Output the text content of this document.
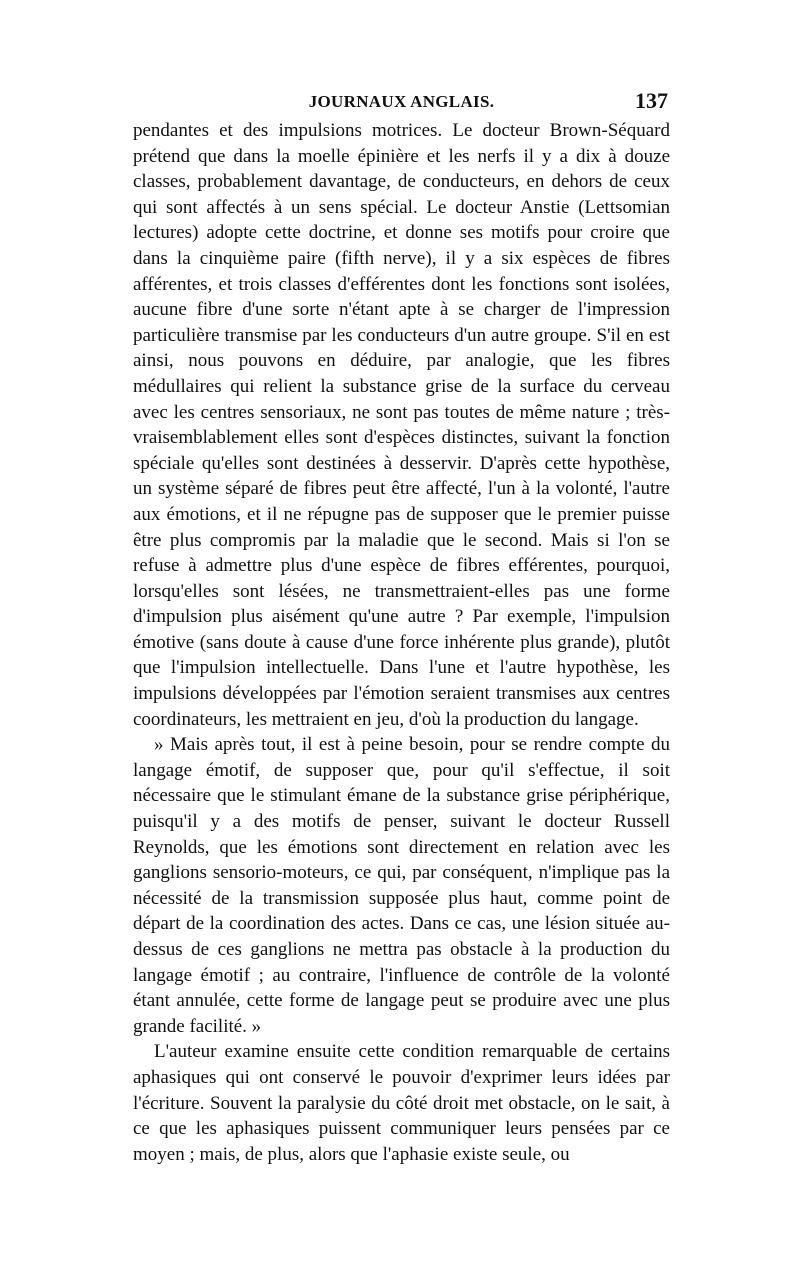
JOURNAUX ANGLAIS.	137

pendantes et des impulsions motrices. Le docteur Brown-Séquard prétend que dans la moelle épinière et les nerfs il y a dix à douze classes, probablement davantage, de conducteurs, en dehors de ceux qui sont affectés à un sens spécial. Le docteur Anstie (Lettsomian lectures) adopte cette doctrine, et donne ses motifs pour croire que dans la cinquième paire (fifth nerve), il y a six espèces de fibres afférentes, et trois classes d'efférentes dont les fonctions sont isolées, aucune fibre d'une sorte n'étant apte à se charger de l'impression particulière transmise par les conducteurs d'un autre groupe. S'il en est ainsi, nous pouvons en déduire, par analogie, que les fibres médullaires qui relient la substance grise de la surface du cerveau avec les centres sensoriaux, ne sont pas toutes de même nature ; très-vraisemblablement elles sont d'espèces distinctes, suivant la fonction spéciale qu'elles sont destinées à desservir. D'après cette hypothèse, un système séparé de fibres peut être affecté, l'un à la volonté, l'autre aux émotions, et il ne répugne pas de supposer que le premier puisse être plus compromis par la maladie que le second. Mais si l'on se refuse à admettre plus d'une espèce de fibres efférentes, pourquoi, lorsqu'elles sont lésées, ne transmettraient-elles pas une forme d'impulsion plus aisément qu'une autre ? Par exemple, l'impulsion émotive (sans doute à cause d'une force inhérente plus grande), plutôt que l'impulsion intellectuelle. Dans l'une et l'autre hypothèse, les impulsions développées par l'émotion seraient transmises aux centres coordinateurs, les mettraient en jeu, d'où la production du langage.

» Mais après tout, il est à peine besoin, pour se rendre compte du langage émotif, de supposer que, pour qu'il s'effectue, il soit nécessaire que le stimulant émane de la substance grise périphérique, puisqu'il y a des motifs de penser, suivant le docteur Russell Reynolds, que les émotions sont directement en relation avec les ganglions sensorio-moteurs, ce qui, par conséquent, n'implique pas la nécessité de la transmission supposée plus haut, comme point de départ de la coordination des actes. Dans ce cas, une lésion située au-dessus de ces ganglions ne mettra pas obstacle à la production du langage émotif ; au contraire, l'influence de contrôle de la volonté étant annulée, cette forme de langage peut se produire avec une plus grande facilité. »

L'auteur examine ensuite cette condition remarquable de certains aphasiques qui ont conservé le pouvoir d'exprimer leurs idées par l'écriture. Souvent la paralysie du côté droit met obstacle, on le sait, à ce que les aphasiques puissent communiquer leurs pensées par ce moyen ; mais, de plus, alors que l'aphasie existe seule, ou
